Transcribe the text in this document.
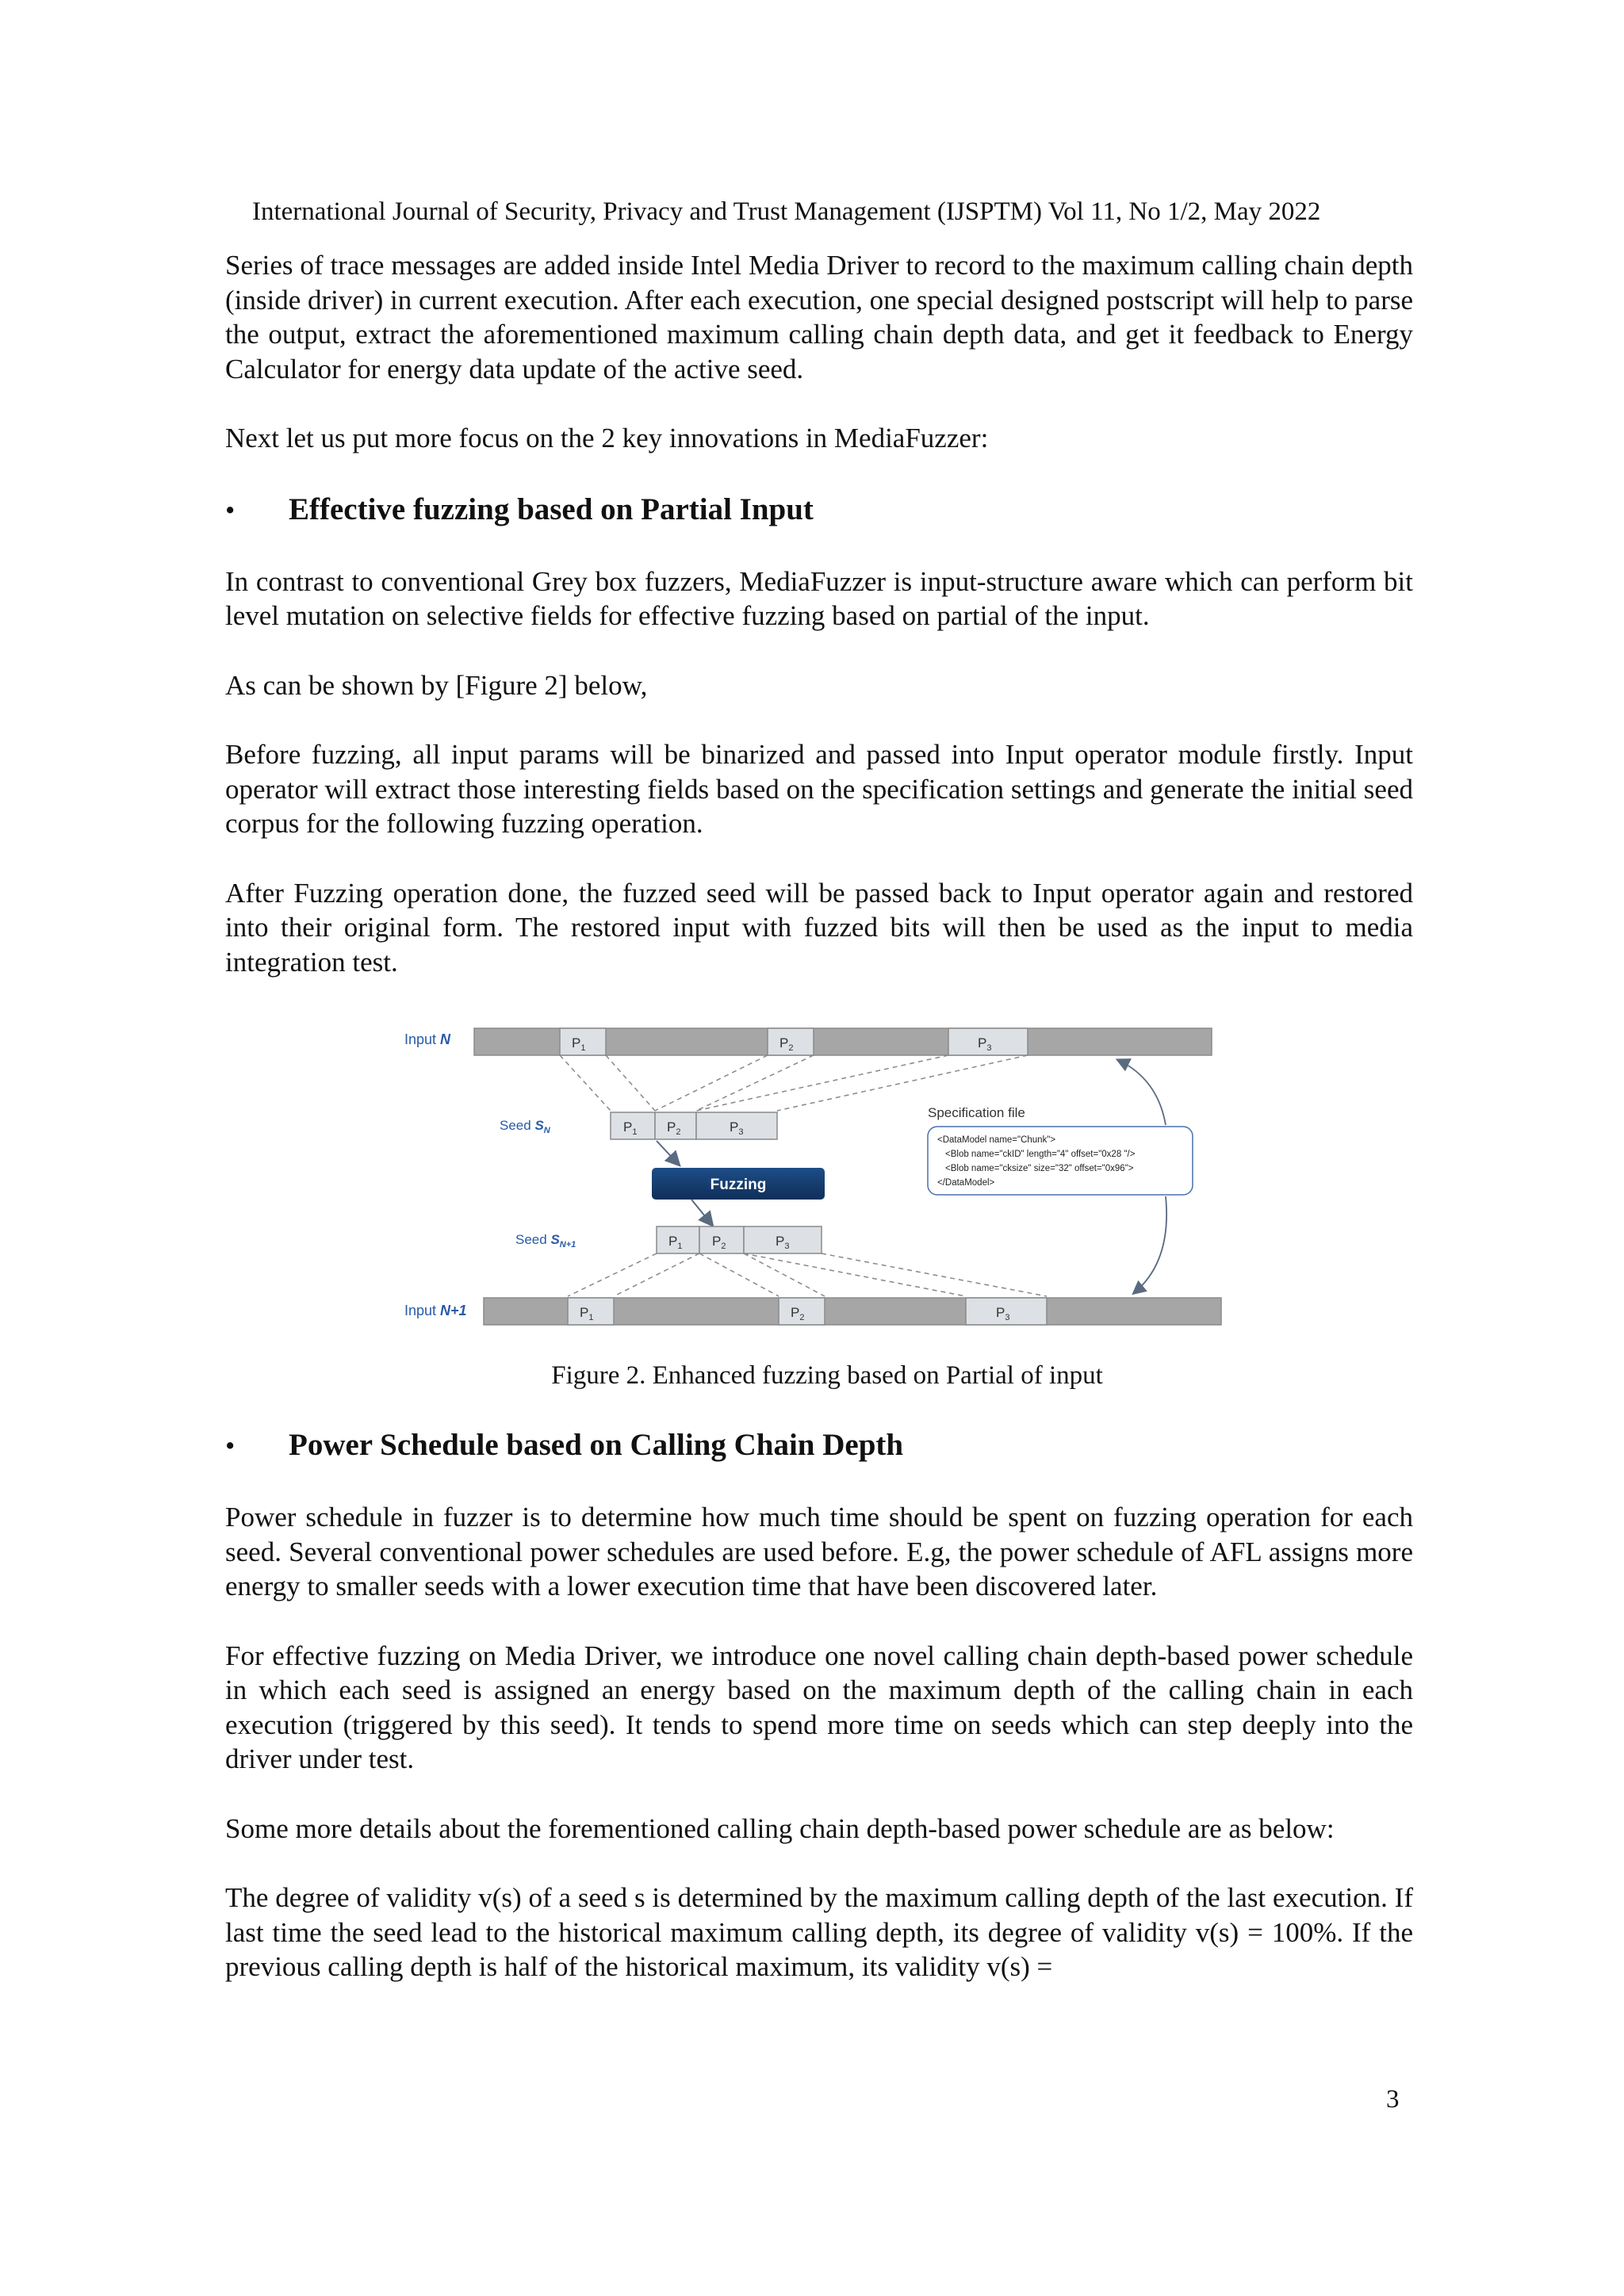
International Journal of Security, Privacy and Trust Management (IJSPTM) Vol 11, No 1/2, May 2022

Series of trace messages are added inside Intel Media Driver to record to the maximum calling chain depth (inside driver) in current execution. After each execution, one special designed postscript will help to parse the output, extract the aforementioned maximum calling chain depth data, and get it feedback to Energy Calculator for energy data update of the active seed.

Next let us put more focus on the 2 key innovations in MediaFuzzer:

•	Effective fuzzing based on Partial Input

In contrast to conventional Grey box fuzzers, MediaFuzzer is input-structure aware which can perform bit level mutation on selective fields for effective fuzzing based on partial of the input.

As can be shown by [Figure 2] below,

Before fuzzing, all input params will be binarized and passed into Input operator module firstly. Input operator will extract those interesting fields based on the specification settings and generate the initial seed corpus for the following fuzzing operation.

After Fuzzing operation done, the fuzzed seed will be passed back to Input operator again and restored into their original form. The restored input with fuzzed bits will then be used as the input to media integration test.

Input N	$P_1$	$P_2$	$P_3$
Seed $S_N$	$P_1$ $P_2$	$P_3$
Fuzzing
Seed $S_{N+1}$	$P_1$ $P_2$	$P_3$
Input N+1	$P_1$	$P_2$	$P_3$
Specification file
<DataModel name="Chunk">
<Blob name="ckID" length="4" offset="0x28 "/>
<Blob name="cksize" size="32" offset="0x96">
</DataModel>
Figure 2. Enhanced fuzzing based on Partial of input
•	Power Schedule based on Calling Chain Depth

Power schedule in fuzzer is to determine how much time should be spent on fuzzing operation for each seed. Several conventional power schedules are used before. E.g, the power schedule of AFL assigns more energy to smaller seeds with a lower execution time that have been discovered later.

For effective fuzzing on Media Driver, we introduce one novel calling chain depth-based power schedule in which each seed is assigned an energy based on the maximum depth of the calling chain in each execution (triggered by this seed). It tends to spend more time on seeds which can step deeply into the driver under test.

Some more details about the forementioned calling chain depth-based power schedule are as below:

The degree of validity v(s) of a seed s is determined by the maximum calling depth of the last execution. If last time the seed lead to the historical maximum calling depth, its degree of validity v(s) = 100%. If the previous calling depth is half of the historical maximum, its validity v(s) =

3
